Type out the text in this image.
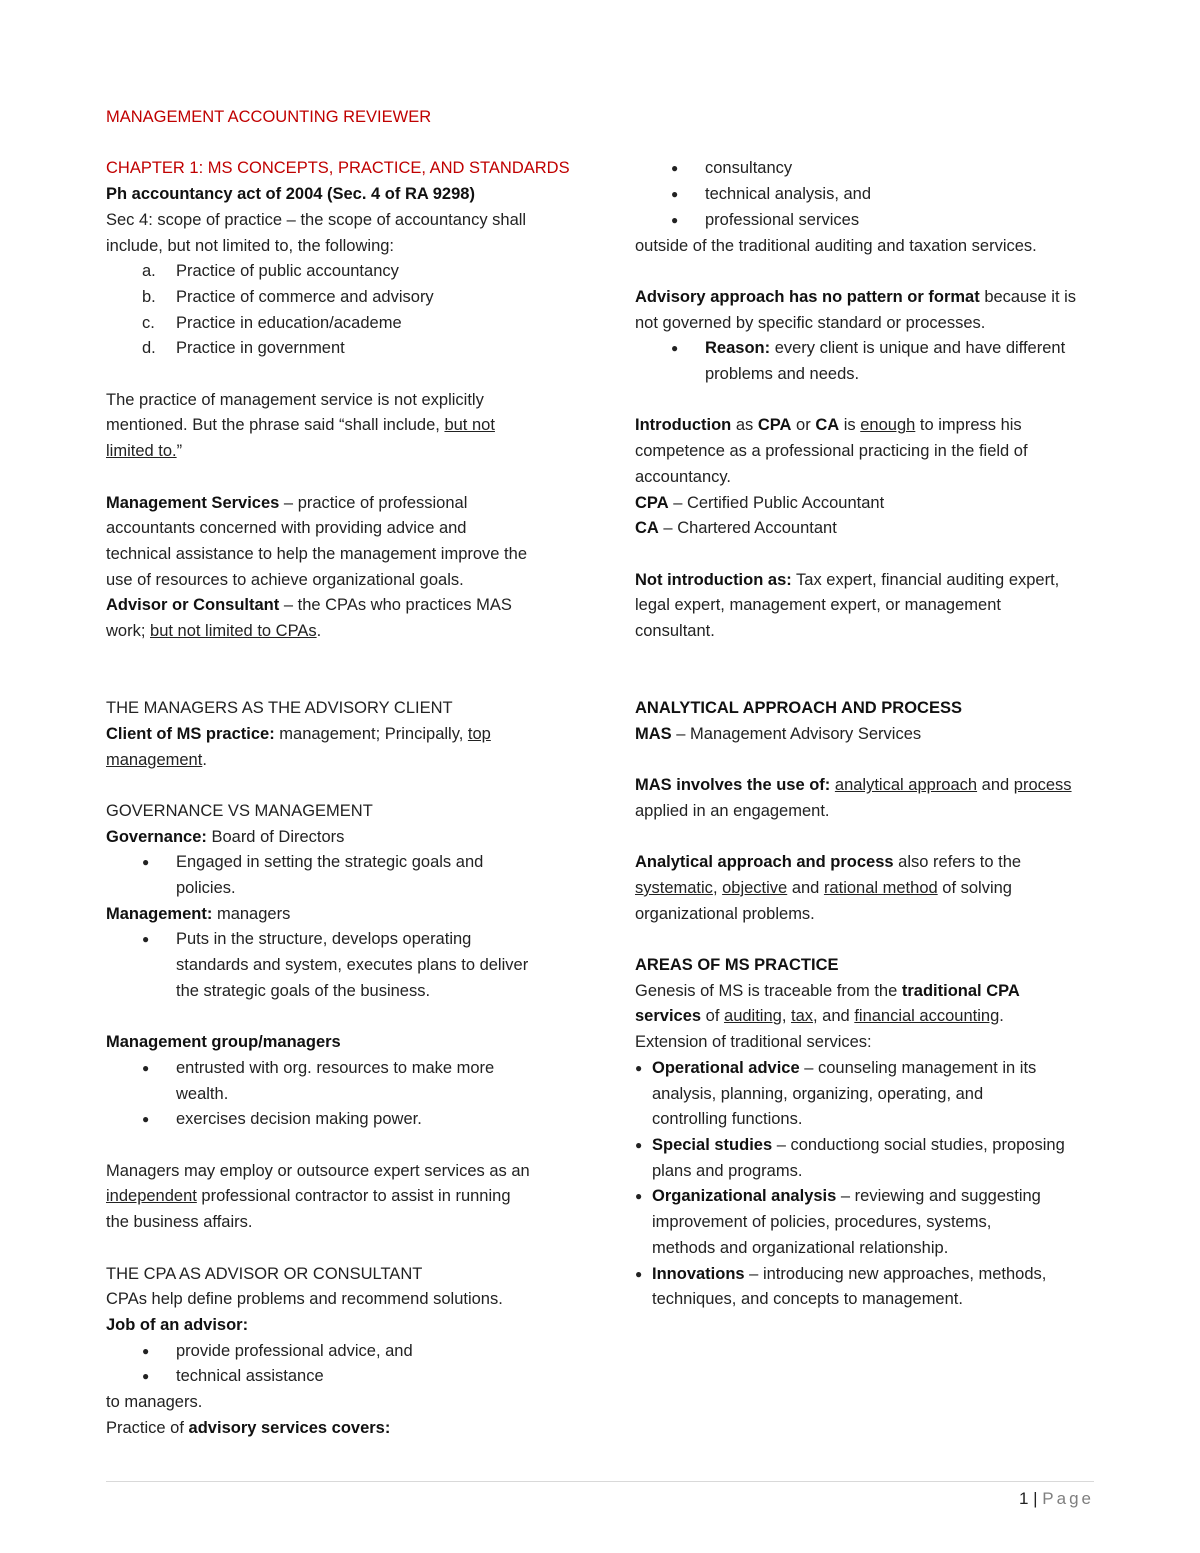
MANAGEMENT ACCOUNTING REVIEWER
CHAPTER 1: MS CONCEPTS, PRACTICE, AND STANDARDS
Ph accountancy act of 2004 (Sec. 4 of RA 9298)
Sec 4: scope of practice – the scope of accountancy shall
include, but not limited to, the following:
a. Practice of public accountancy
b. Practice of commerce and advisory
c. Practice in education/academe
d. Practice in government
The practice of management service is not explicitly
mentioned. But the phrase said “shall include, but not
limited to.”
Management Services – practice of professional
accountants concerned with providing advice and
technical assistance to help the management improve the
use of resources to achieve organizational goals.
Advisor or Consultant – the CPAs who practices MAS
work; but not limited to CPAs.
THE MANAGERS AS THE ADVISORY CLIENT
Client of MS practice: management; Principally, top
management.
GOVERNANCE VS MANAGEMENT
Governance: Board of Directors
● Engaged in setting the strategic goals and
policies.
Management: managers
● Puts in the structure, develops operating
standards and system, executes plans to deliver
the strategic goals of the business.
Management group/managers
● entrusted with org. resources to make more
wealth.
● exercises decision making power.
Managers may employ or outsource expert services as an
independent professional contractor to assist in running
the business affairs.
THE CPA AS ADVISOR OR CONSULTANT
CPAs help define problems and recommend solutions.
Job of an advisor:
● provide professional advice, and
● technical assistance
to managers.
Practice of advisory services covers:
● consultancy
● technical analysis, and
● professional services
outside of the traditional auditing and taxation services.
Advisory approach has no pattern or format because it is
not governed by specific standard or processes.
● Reason: every client is unique and have different
problems and needs.
Introduction as CPA or CA is enough to impress his
competence as a professional practicing in the field of
accountancy.
CPA – Certified Public Accountant
CA – Chartered Accountant
Not introduction as: Tax expert, financial auditing expert,
legal expert, management expert, or management
consultant.
ANALYTICAL APPROACH AND PROCESS
MAS – Management Advisory Services
MAS involves the use of: analytical approach and process
applied in an engagement.
Analytical approach and process also refers to the
systematic, objective and rational method of solving
organizational problems.
AREAS OF MS PRACTICE
Genesis of MS is traceable from the traditional CPA
services of auditing, tax, and financial accounting.
Extension of traditional services:
● Operational advice – counseling management in its
analysis, planning, organizing, operating, and
controlling functions.
● Special studies – conductiong social studies, proposing
plans and programs.
● Organizational analysis – reviewing and suggesting
improvement of policies, procedures, systems,
methods and organizational relationship.
● Innovations – introducing new approaches, methods,
techniques, and concepts to management.
1 | Page
